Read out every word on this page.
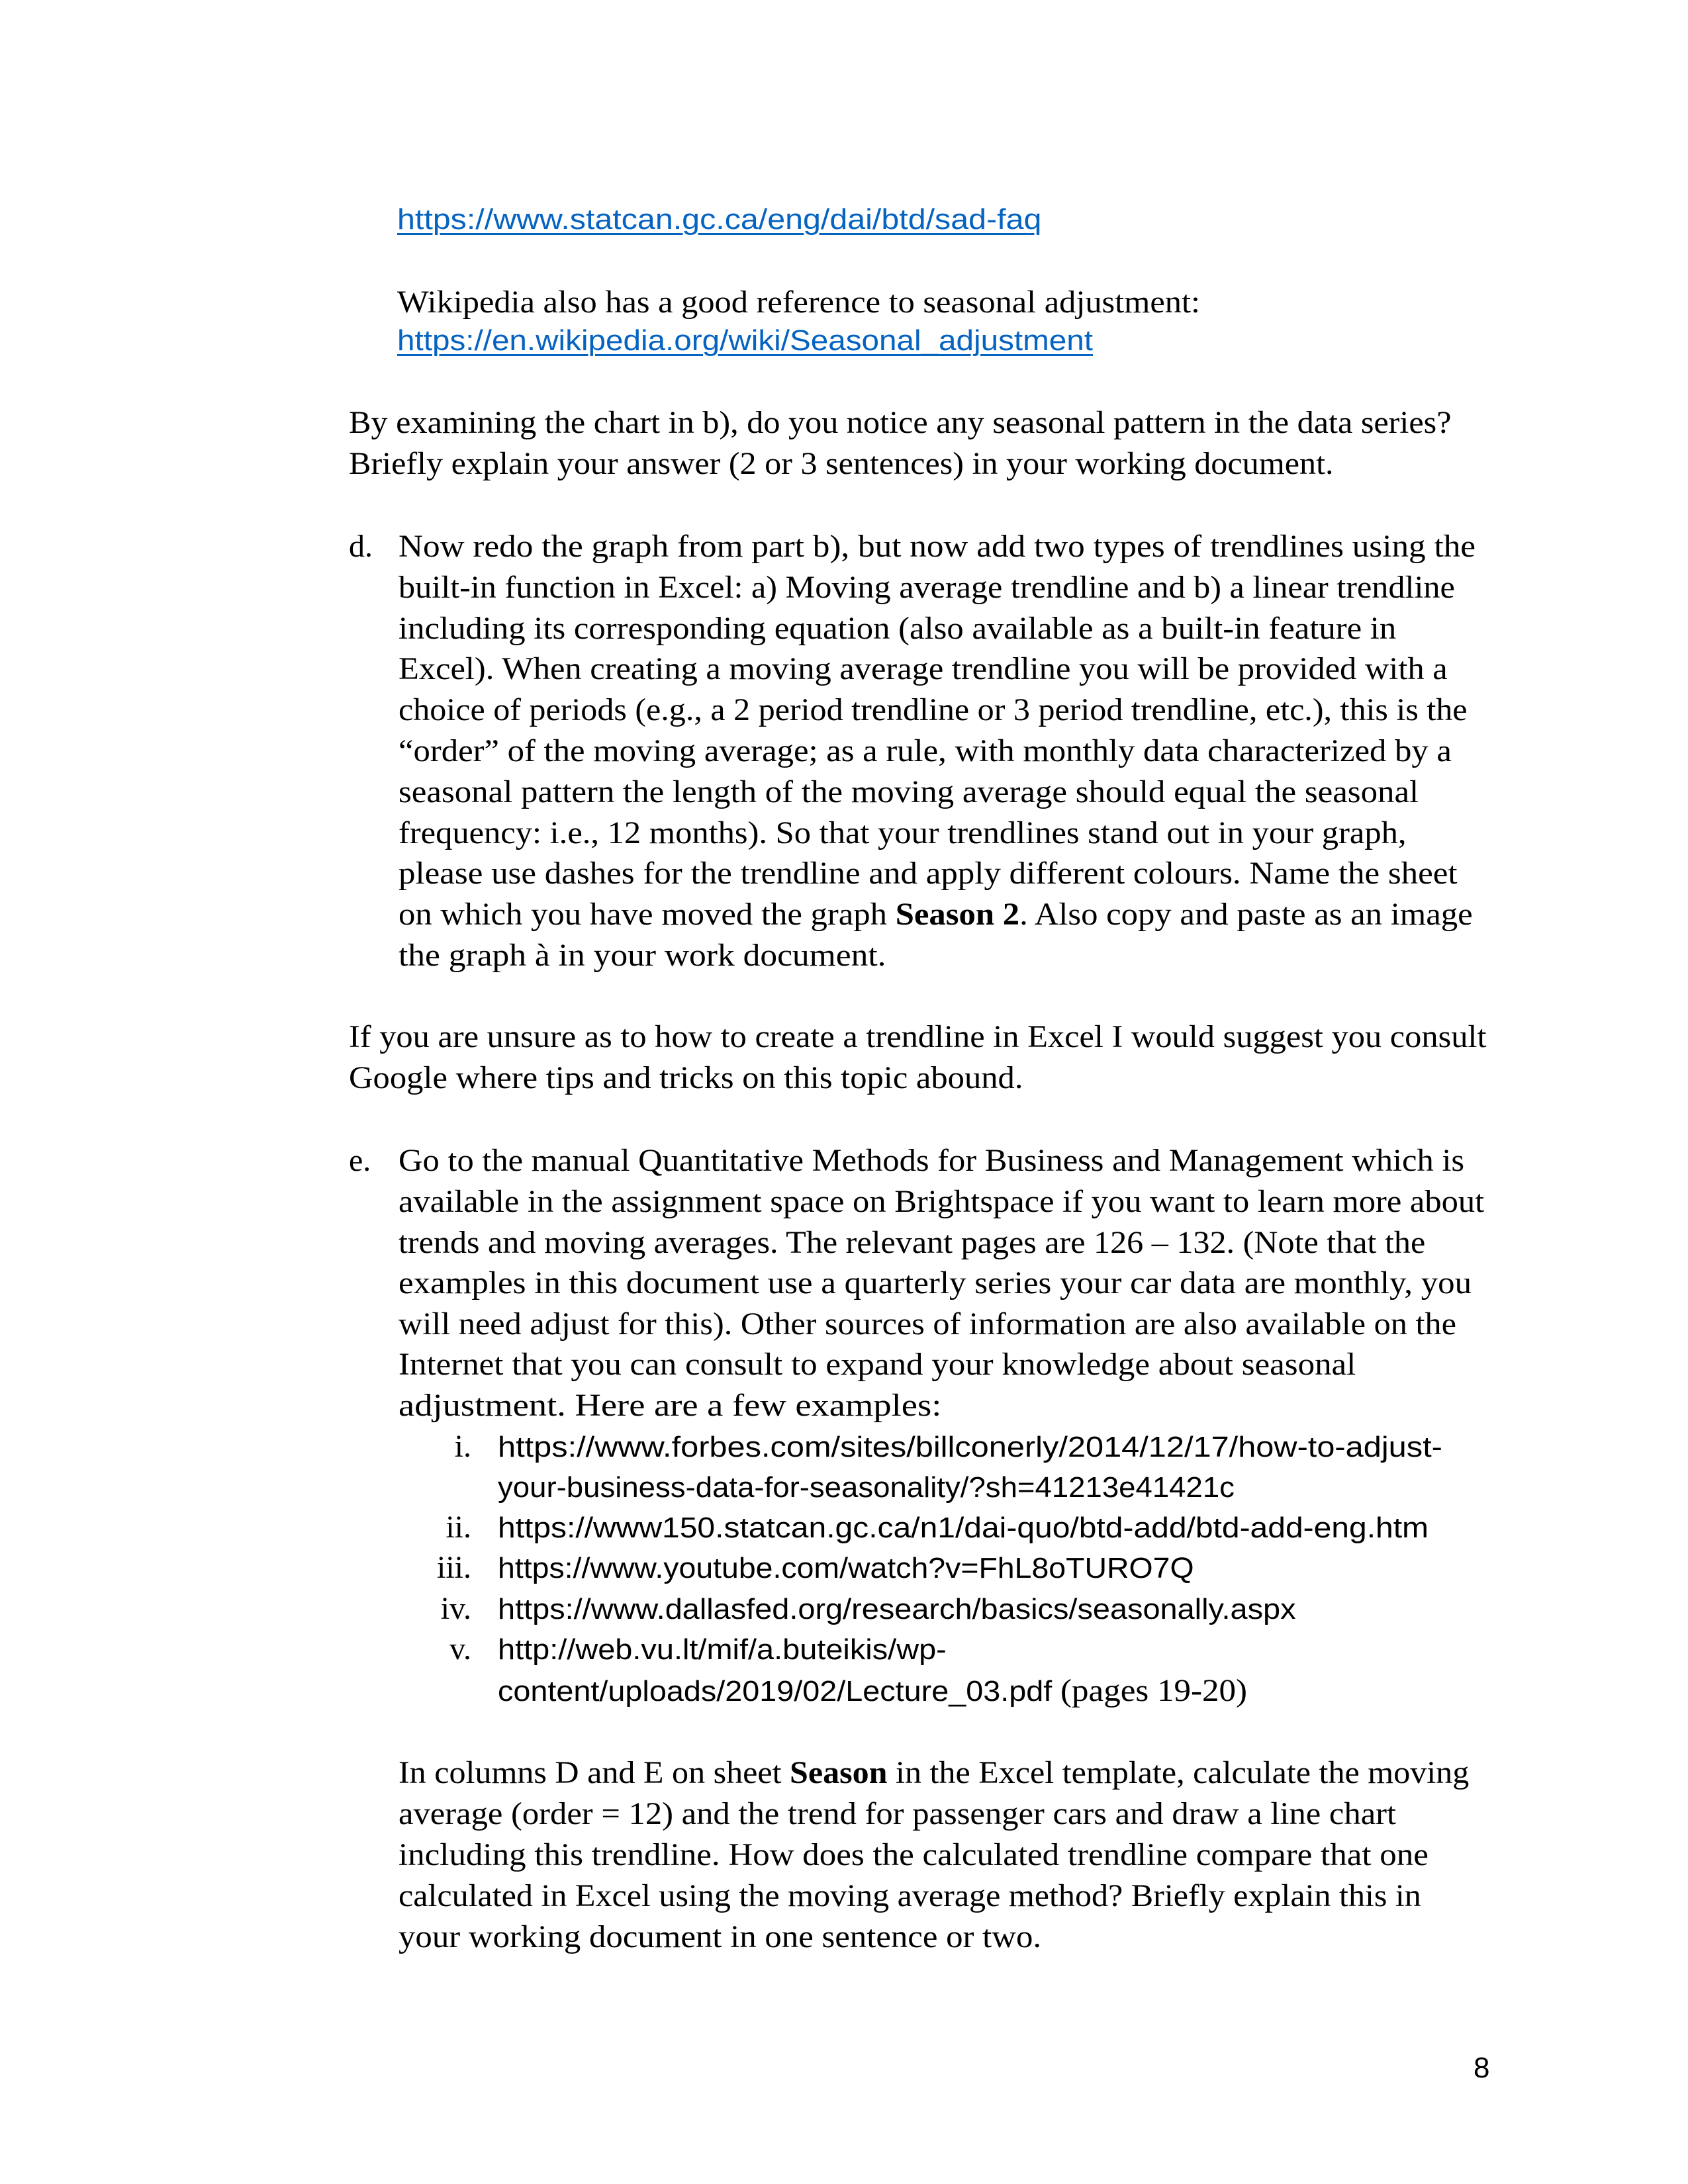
https://www.statcan.gc.ca/eng/dai/btd/sad-faq
Wikipedia also has a good reference to seasonal adjustment:
https://en.wikipedia.org/wiki/Seasonal_adjustment
By examining the chart in b), do you notice any seasonal pattern in the data series?
Briefly explain your answer (2 or 3 sentences) in your working document.
d. Now redo the graph from part b), but now add two types of trendlines using the
built-in function in Excel: a) Moving average trendline and b) a linear trendline
including its corresponding equation (also available as a built-in feature in
Excel). When creating a moving average trendline you will be provided with a
choice of periods (e.g., a 2 period trendline or 3 period trendline, etc.), this is the
“order” of the moving average; as a rule, with monthly data characterized by a
seasonal pattern the length of the moving average should equal the seasonal
frequency: i.e., 12 months). So that your trendlines stand out in your graph,
please use dashes for the trendline and apply different colours. Name the sheet
on which you have moved the graph Season 2. Also copy and paste as an image
the graph à in your work document.
If you are unsure as to how to create a trendline in Excel I would suggest you consult
Google where tips and tricks on this topic abound.
e. Go to the manual Quantitative Methods for Business and Management which is
available in the assignment space on Brightspace if you want to learn more about
trends and moving averages. The relevant pages are 126 – 132. (Note that the
examples in this document use a quarterly series your car data are monthly, you
will need adjust for this). Other sources of information are also available on the
Internet that you can consult to expand your knowledge about seasonal
adjustment. Here are a few examples:
i. https://www.forbes.com/sites/billconerly/2014/12/17/how-to-adjust-
your-business-data-for-seasonality/?sh=41213e41421c
ii. https://www150.statcan.gc.ca/n1/dai-quo/btd-add/btd-add-eng.htm
iii. https://www.youtube.com/watch?v=FhL8oTURO7Q
iv. https://www.dallasfed.org/research/basics/seasonally.aspx
v. http://web.vu.lt/mif/a.buteikis/wp-
content/uploads/2019/02/Lecture_03.pdf (pages 19-20)
In columns D and E on sheet Season in the Excel template, calculate the moving
average (order = 12) and the trend for passenger cars and draw a line chart
including this trendline. How does the calculated trendline compare that one
calculated in Excel using the moving average method? Briefly explain this in
your working document in one sentence or two.
8
